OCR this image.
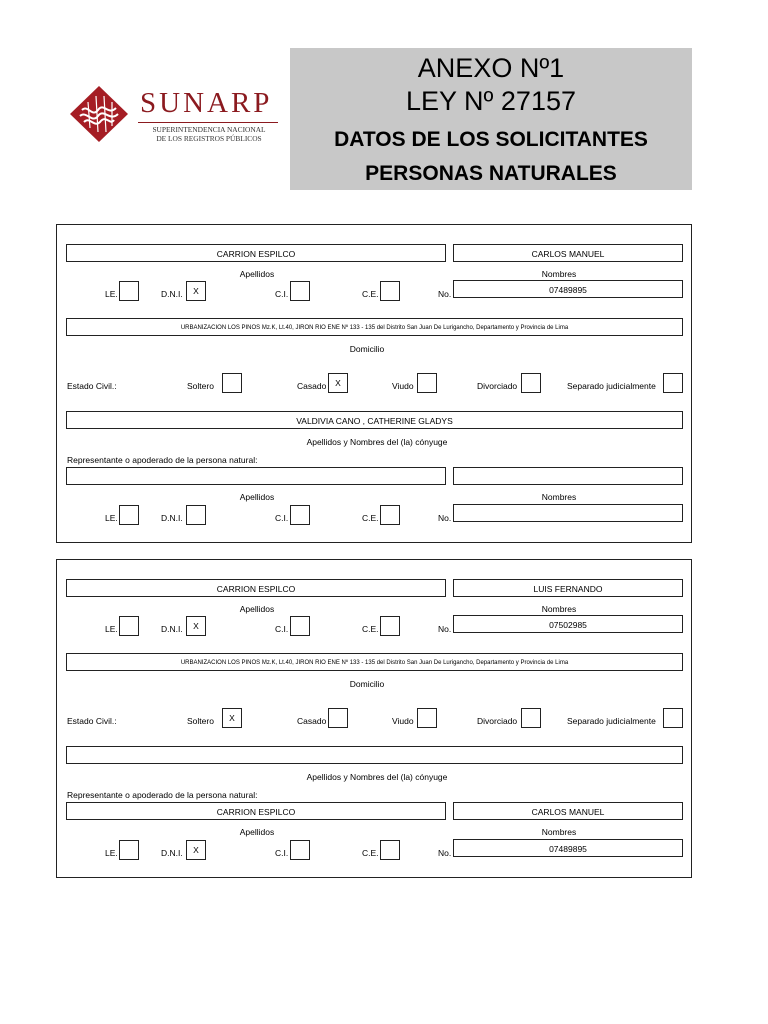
SUNARP
SUPERINTENDENCIA NACIONAL
DE LOS REGISTROS PÚBLICOS
ANEXO Nº1
LEY Nº 27157
DATOS DE LOS SOLICITANTES
PERSONAS NATURALES
CARRION ESPILCO	CARLOS MANUEL
Apellidos	Nombres
LE.	D.N.I.	X	C.I.	C.E.	No.	07489895
URBANIZACION LOS PINOS Mz.K, Lt.40, JIRON RIO ENE Nº 133 - 135 del Distrito San Juan De Lurigancho, Departamento y Provincia de Lima
Domicilio
Estado Civil.:	Soltero	Casado	X	Viudo	Divorciado	Separado judicialmente
VALDIVIA CANO , CATHERINE GLADYS
Apellidos y Nombres del (la) cónyuge
Representante o apoderado de la persona natural:
Apellidos	Nombres
LE.	D.N.I.	C.I.	C.E.	No.
CARRION ESPILCO	LUIS FERNANDO
Apellidos	Nombres
LE.	D.N.I.	X	C.I.	C.E.	No.	07502985
URBANIZACION LOS PINOS Mz.K, Lt.40, JIRON RIO ENE Nº 133 - 135 del Distrito San Juan De Lurigancho, Departamento y Provincia de Lima
Domicilio
Estado Civil.:	Soltero	X	Casado	Viudo	Divorciado	Separado judicialmente
Apellidos y Nombres del (la) cónyuge
Representante o apoderado de la persona natural:
CARRION ESPILCO	CARLOS MANUEL
Apellidos	Nombres
LE.	D.N.I.	X	C.I.	C.E.	No.	07489895
